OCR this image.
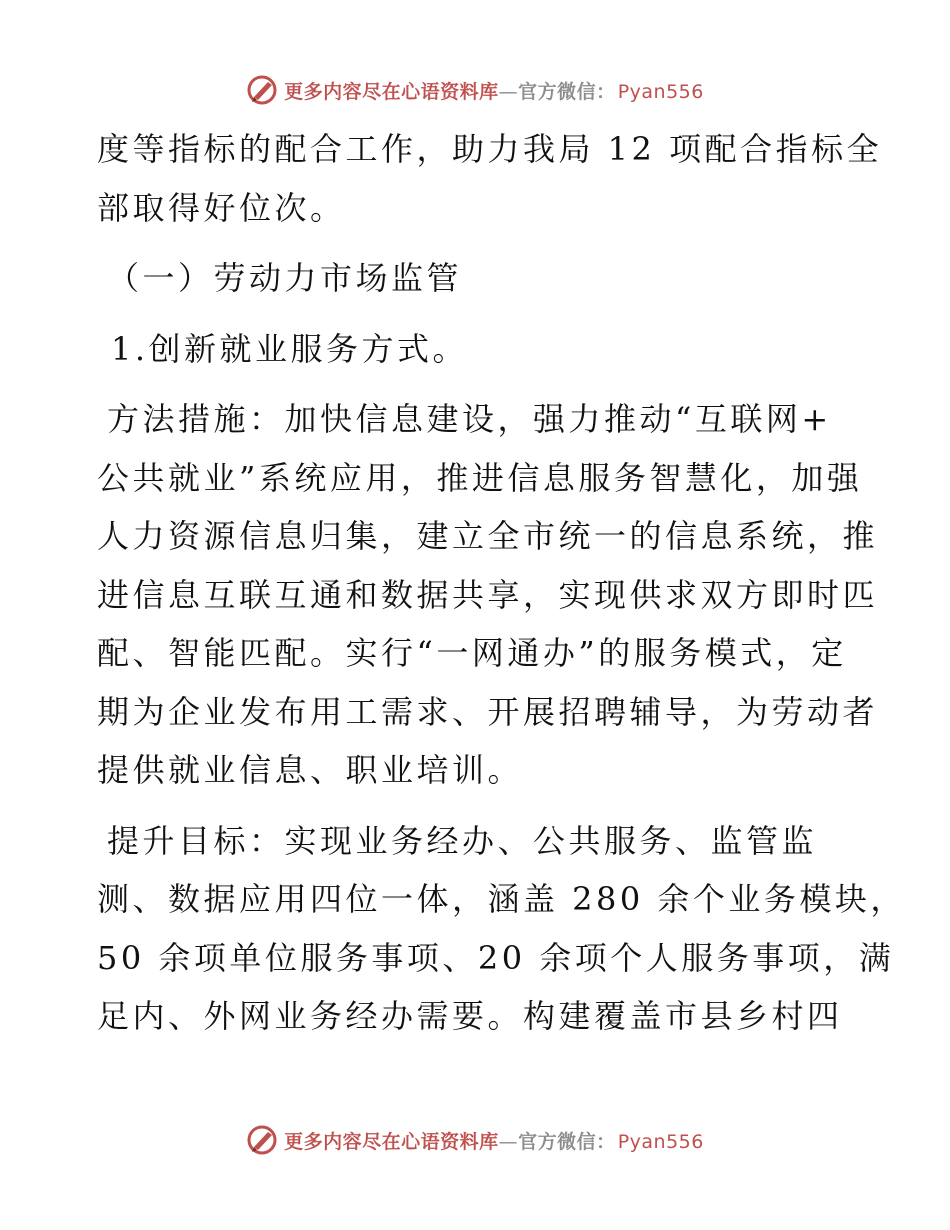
更多内容尽在心语资料库—官方微信： Pyan556

度等指标的配合工作，助力我局 12 项配合指标全

部取得好位次。

（一）劳动力市场监管

1.创新就业服务方式。

方法措施：加快信息建设，强力推动“互联网+

公共就业”系统应用，推进信息服务智慧化，加强

人力资源信息归集，建立全市统一的信息系统，推

进信息互联互通和数据共享，实现供求双方即时匹

配、智能匹配。实行“一网通办”的服务模式，定

期为企业发布用工需求、开展招聘辅导，为劳动者

提供就业信息、职业培训。

提升目标：实现业务经办、公共服务、监管监

测、数据应用四位一体，涵盖 280 余个业务模块，

50 余项单位服务事项、20 余项个人服务事项，满

足内、外网业务经办需要。构建覆盖市县乡村四

更多内容尽在心语资料库—官方微信： Pyan556
